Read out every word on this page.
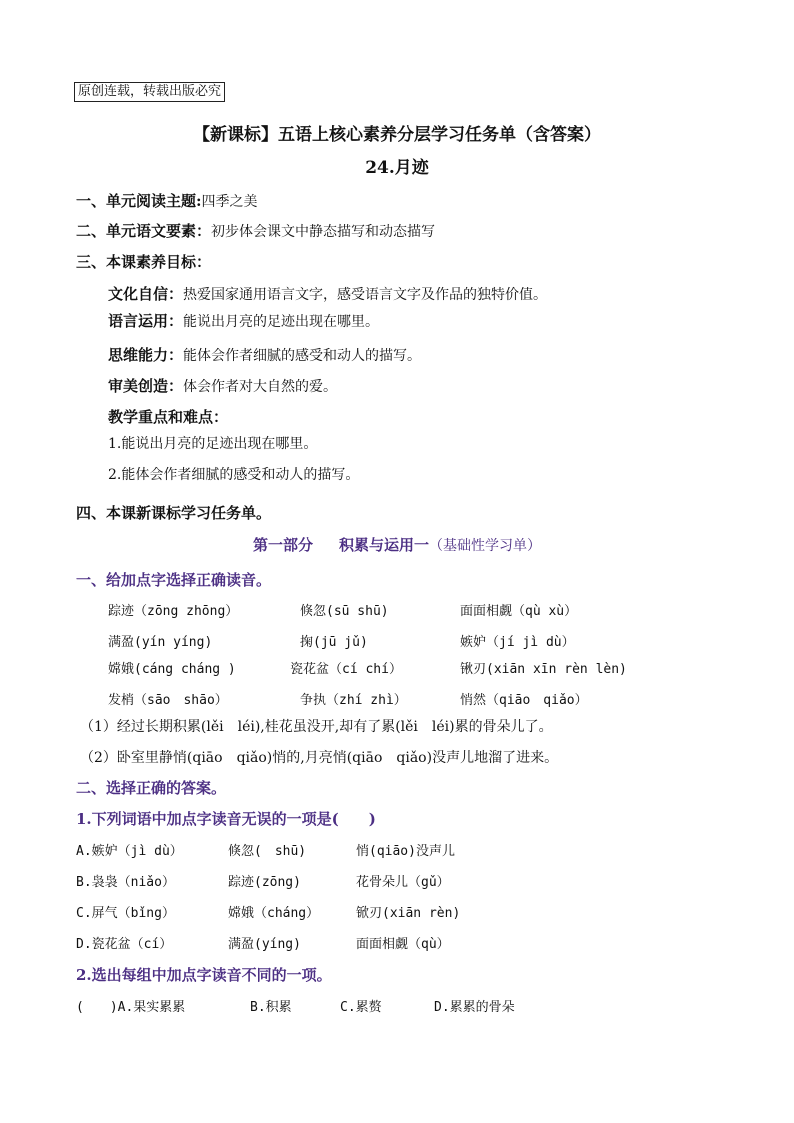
原创连载，转载出版必究
【新课标】五语上核心素养分层学习任务单（含答案）
24.月迹
一、单元阅读主题:四季之美
二、单元语文要素：初步体会课文中静态描写和动态描写
三、本课素养目标：
文化自信：热爱国家通用语言文字，感受语言文字及作品的独特价值。
语言运用：能说出月亮的足迹出现在哪里。
思维能力：能体会作者细腻的感受和动人的描写。
审美创造：体会作者对大自然的爱。
教学重点和难点：
1.能说出月亮的足迹出现在哪里。
2.能体会作者细腻的感受和动人的描写。
四、本课新课标学习任务单。
第一部分 积累与运用一（基础性学习单）
一、给加点字选择正确读音。
踪迹（zōng zhōng）	倏忽(sū shū)	面面相觑（qù xù）
满盈(yín yíng)	掬(jū jǔ)	嫉妒（jí jì dù）
嫦娥(cáng cháng )	瓷花盆（cí chí）	锹刃(xiān xīn rèn lèn)
发梢（sāo　shāo）	争执（zhí zhì）	悄然（qiāo　qiǎo）
（1）经过长期积累(lěi　léi),桂花虽没开,却有了累(lěi　léi)累的骨朵儿了。
（2）卧室里静悄(qiāo　qiǎo)悄的,月亮悄(qiāo　qiǎo)没声儿地溜了进来。
二、选择正确的答案。
1.下列词语中加点字读音无误的一项是(　　)
A.嫉妒（jì dù）	倏忽(　shū)	悄(qiāo)没声儿
B.袅袅（niǎo）	踪迹(zōng)	花骨朵儿（gǔ）
C.屏气（bǐng）	嫦娥（cháng）	锨刃(xiān rèn)
D.瓷花盆（cí）	满盈(yíng)	面面相觑（qù）
2.选出每组中加点字读音不同的一项。
(　　)A.果实累累	B.积累	C.累赘	D.累累的骨朵
